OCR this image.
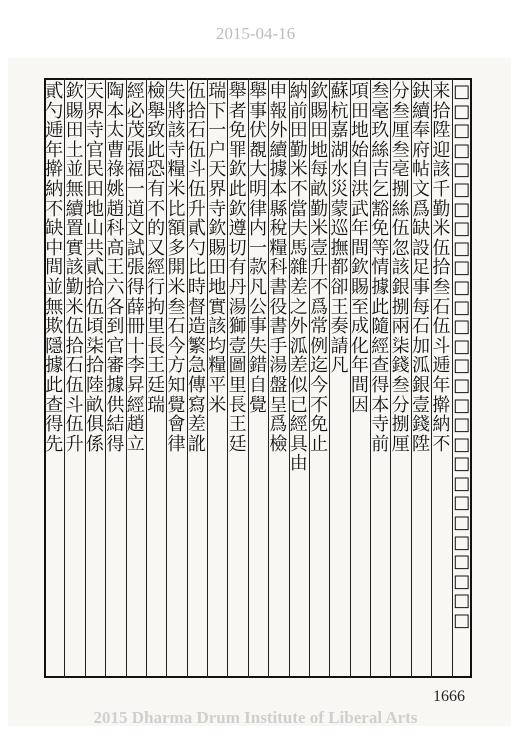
2015-04-16
□
□
□
□
□
□
□
□
□
□
□
□
□
□
□
□
□
□
□
□
□
□
□
□
□
□
□
□
来
拾
陞
迎
該
千
勤
米
伍
拾
叁
石
伍
斗
逓
年
擀
納
不
鈌
續
奉
府
帖
文
爲
缺
設
足
事
每
石
加
泒
銀
壹
錢
陞
分
叁
厘
叁
亳
捌
絲
伍
忽
該
銀
捌
兩
柒
錢
叁
分
捌
厘
叁
毫
玖
絲
吉
乞
豁
免
等
情
據
此
隨
經
查
得
本
寺
前
項
田
地
始
自
洪
武
年
間
欽
賜
至
成
化
年
間
因
蘇
杭
嘉
湖
水
災
蒙
巡
撫
都
卻
王
奏
請
凡
欽
賜
田
地
每
畝
勤
米
壹
升
不
爲
常
例
迄
今
不
免
止
納
前
田
勤
米
不
當
夫
馬
雜
差
之
外
泒
差
似
已
經
具
由
申
報
外
續
據
本
縣
稅
糧
科
書
役
書
手
湯
盤
呈
爲
檢
舉
事
伏
覩
大
明
律
内
一
款
凡
公
事
失
錯
自
覺
舉
者
免
罪
欽
此
欽
遵
切
有
丹
湯
獅
壹
圖
里
長
王
廷
瑞
下
一
户
天
界
寺
欽
賜
田
地
實
該
均
糧
平
米
伍
拾
石
伍
斗
伍
升
貳
勺
比
時
督
造
繁
急
傳
寫
差
訛
失
將
該
寺
糧
米
比
額
多
開
米
叁
石
今
方
知
覺
會
律
檢
舉
致
此
恐
有
不
的
又
經
行
拘
里
長
王
廷
瑞
經
必
茂
張
福
一
道
文
試
張
得
薛
冊
十
李
昇
經
趙
立
陶
本
太
曹
祿
姚
趙
科
高
王
六
各
到
官
審
據
供
結
得
天
界
寺
官
民
田
地
山
共
貳
拾
伍
頃
柒
拾
陸
畝
俱
係
欽
賜
田
土
並
無
續
置
實
該
勤
米
伍
拾
石
伍
斗
伍
升
貳
勺
逓
年
擀
納
不
缺
中
間
並
無
欺
隱
據
此
查
得
先
1666
2015 Dharma Drum Institute of Liberal Arts
